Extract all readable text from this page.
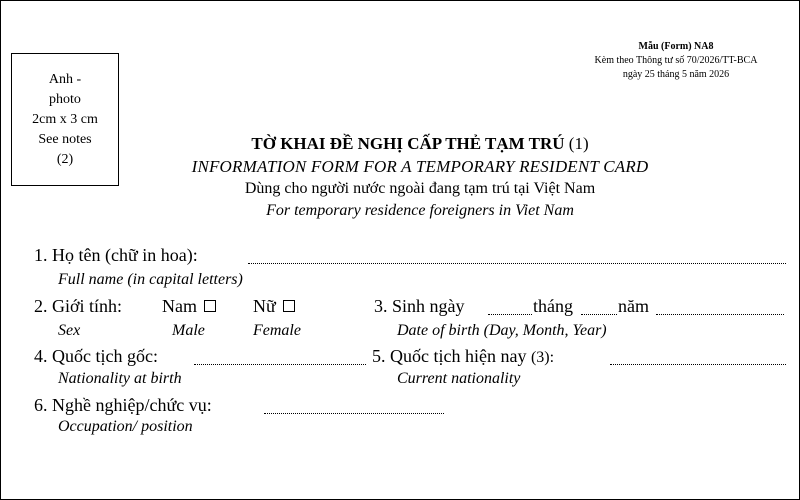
Anh -
photo
2cm x 3 cm
See notes
(2)
Mẫu (Form) NA8
Kèm theo Thông tư số 70/2026/TT-BCA
ngày 25 tháng 5 năm 2026
TỜ KHAI ĐỀ NGHỊ CẤP THẺ TẠM TRÚ (1)
INFORMATION FORM FOR A TEMPORARY RESIDENT CARD
Dùng cho người nước ngoài đang tạm trú tại Việt Nam
For temporary residence foreigners in Viet Nam
1. Họ tên (chữ in hoa):
Full name (in capital letters)
2. Giới tính: Nam	Nữ
Sex	Male	Female
3. Sinh ngày	tháng	năm
Date of birth (Day, Month, Year)
4. Quốc tịch gốc:
Nationality at birth
5. Quốc tịch hiện nay (3):
Current nationality
6. Nghề nghiệp/chức vụ:
Occupation/ position
